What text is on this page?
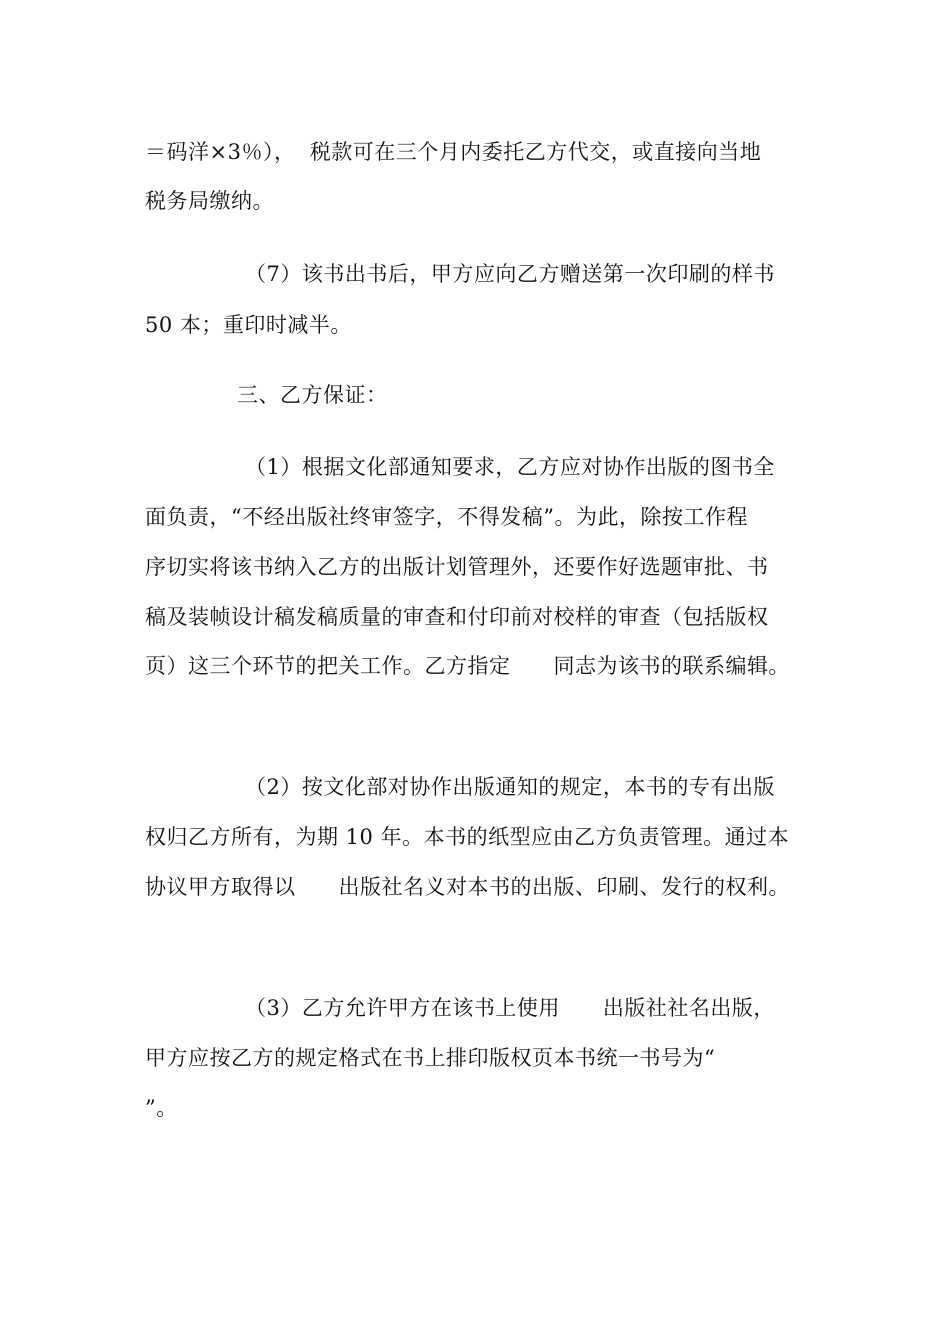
＝码洋×3％），  税款可在三个月内委托乙方代交，或直接向当地
税务局缴纳。
（7）该书出书后，甲方应向乙方赠送第一次印刷的样书
50 本；重印时减半。
三、乙方保证：
（1）根据文化部通知要求，乙方应对协作出版的图书全
面负责，“不经出版社终审签字，不得发稿”。为此，除按工作程
序切实将该书纳入乙方的出版计划管理外，还要作好选题审批、书
稿及装帧设计稿发稿质量的审查和付印前对校样的审查（包括版权
页）这三个环节的把关工作。乙方指定      同志为该书的联系编辑。
（2）按文化部对协作出版通知的规定，本书的专有出版
权归乙方所有，为期 10 年。本书的纸型应由乙方负责管理。通过本
协议甲方取得以      出版社名义对本书的出版、印刷、发行的权利。
（3）乙方允许甲方在该书上使用      出版社社名出版，
甲方应按乙方的规定格式在书上排印版权页本书统一书号为“
”。
